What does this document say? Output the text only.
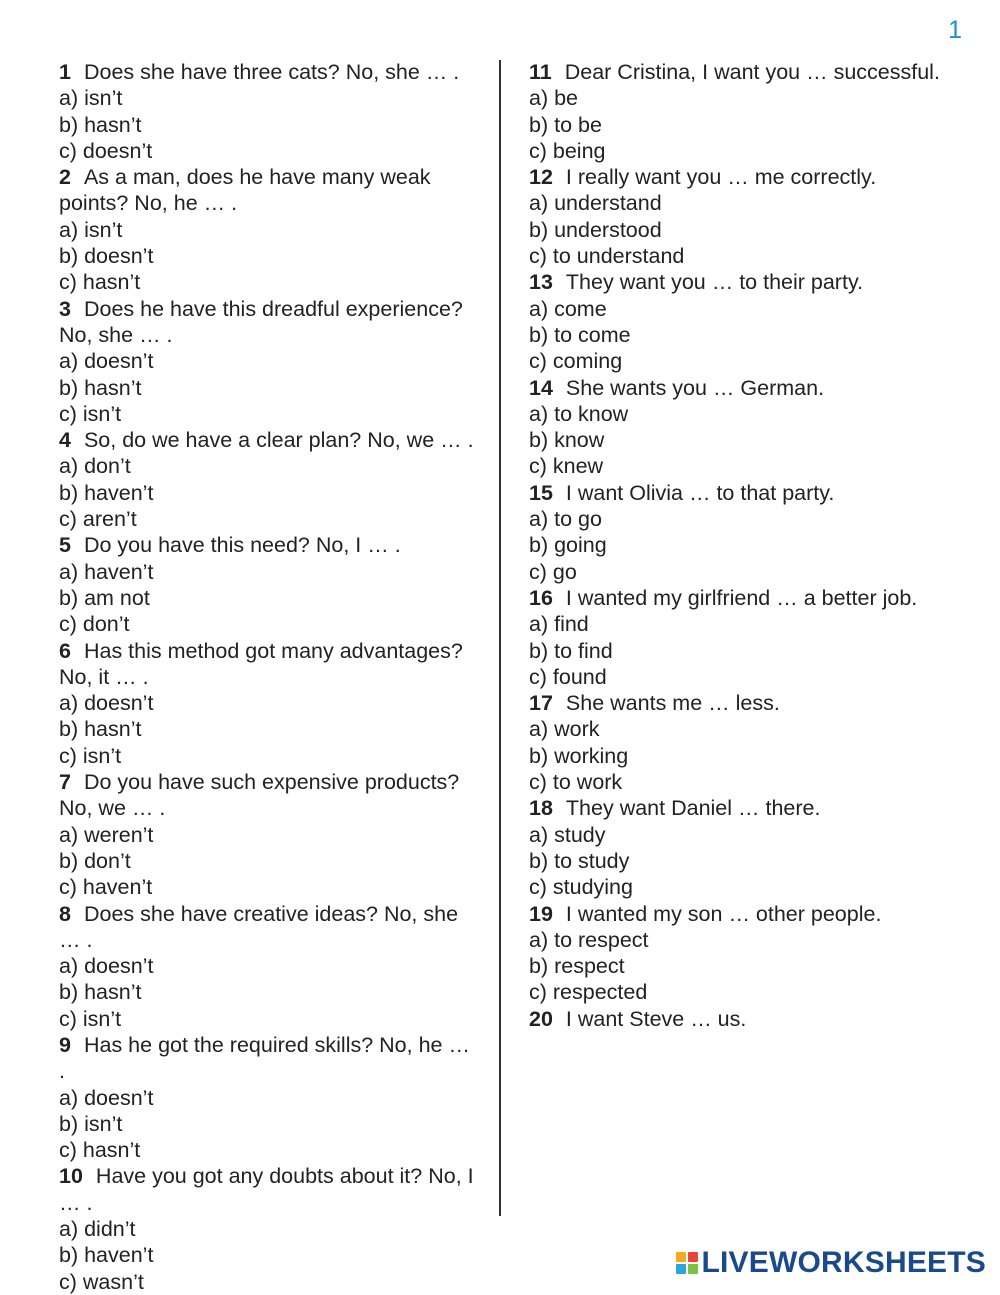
1

1 Does she have three cats? No, she … .

a) isn’t
b) hasn’t
c) doesn’t

2 As a man, does he have many weak points? No, he … .

a) isn’t
b) doesn’t
c) hasn’t

3 Does he have this dreadful experience? No, she … .

a) doesn’t
b) hasn’t
c) isn’t

4 So, do we have a clear plan? No, we … .

a) don’t
b) haven’t
c) aren’t

5 Do you have this need? No, I … .

a) haven’t
b) am not
c) don’t

6 Has this method got many advantages? No, it … .

a) doesn’t
b) hasn’t
c) isn’t

7 Do you have such expensive products? No, we … .

a) weren’t
b) don’t
c) haven’t

8 Does she have creative ideas? No, she … .

a) doesn’t
b) hasn’t
c) isn’t

9 Has he got the required skills? No, he … .

a) doesn’t
b) isn’t
c) hasn’t

10 Have you got any doubts about it? No, I … .

a) didn’t
b) haven’t
c) wasn’t

11 Dear Cristina, I want you … successful.

a) be
b) to be
c) being

12 I really want you … me correctly.

a) understand
b) understood
c) to understand

13 They want you … to their party.

a) come
b) to come
c) coming

14 She wants you … German.

a) to know
b) know
c) knew

15 I want Olivia … to that party.

a) to go
b) going
c) go

16 I wanted my girlfriend … a better job.

a) find
b) to find
c) found

17 She wants me … less.

a) work
b) working
c) to work

18 They want Daniel … there.

a) study
b) to study
c) studying

19 I wanted my son … other people.

a) to respect
b) respect
c) respected

20 I want Steve … us.

LIVEWORKSHEETS
